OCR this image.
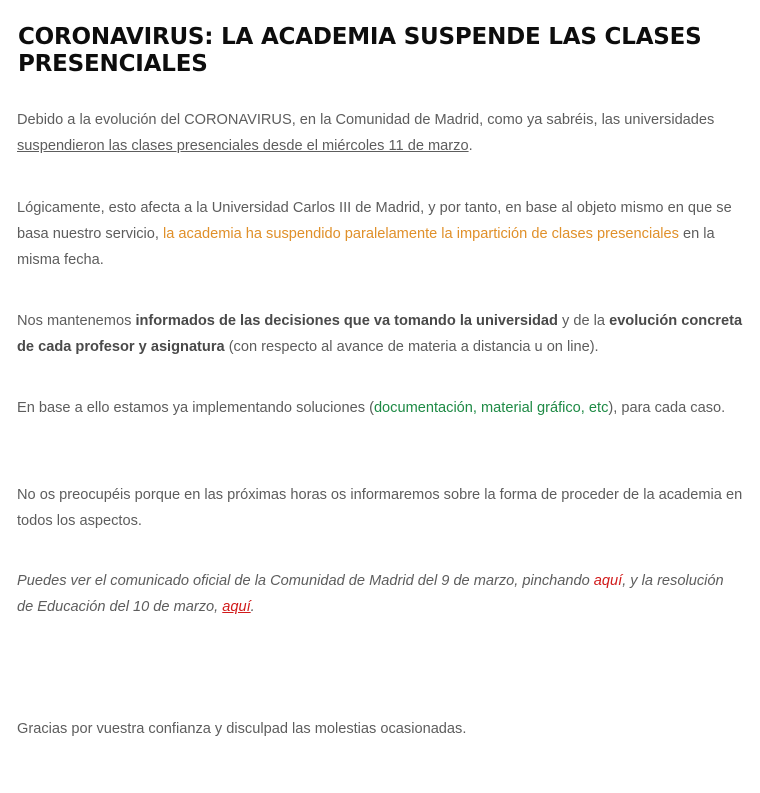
CORONAVIRUS: LA ACADEMIA SUSPENDE LAS CLASES PRESENCIALES

Debido a la evolución del CORONAVIRUS, en la Comunidad de Madrid, como ya sabréis, las universidades suspendieron las clases presenciales desde el miércoles 11 de marzo.

Lógicamente, esto afecta a la Universidad Carlos III de Madrid, y por tanto, en base al objeto mismo en que se basa nuestro servicio, la academia ha suspendido paralelamente la impartición de clases presenciales en la misma fecha.

Nos mantenemos informados de las decisiones que va tomando la universidad y de la evolución concreta de cada profesor y asignatura (con respecto al avance de materia a distancia u on line).

En base a ello estamos ya implementando soluciones (documentación, material gráfico, etc), para cada caso.

No os preocupéis porque en las próximas horas os informaremos sobre la forma de proceder de la academia en todos los aspectos.

Puedes ver el comunicado oficial de la Comunidad de Madrid del 9 de marzo, pinchando aquí, y la resolución de Educación del 10 de marzo, aquí.

Gracias por vuestra confianza y disculpad las molestias ocasionadas.
